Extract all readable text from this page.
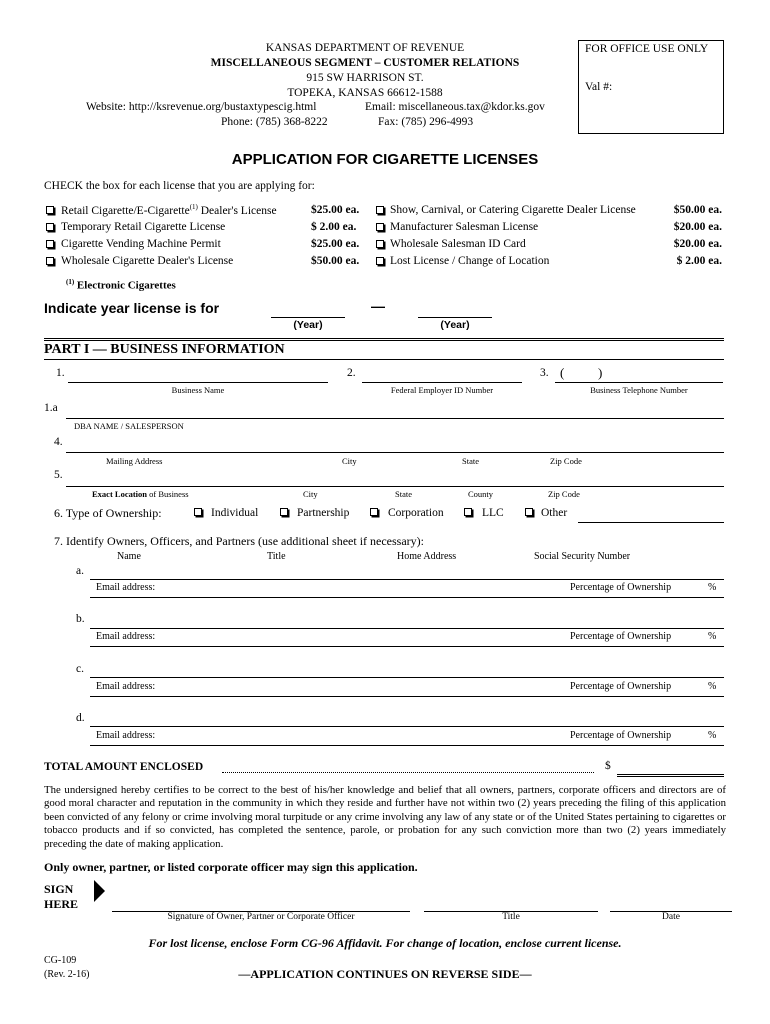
KANSAS DEPARTMENT OF REVENUE
MISCELLANEOUS SEGMENT – CUSTOMER RELATIONS
915 SW HARRISON ST.
TOPEKA, KANSAS 66612-1588
Website: http://ksrevenue.org/bustaxtypescig.html	Email: miscellaneous.tax@kdor.ks.gov
Phone: (785) 368-8222	Fax: (785) 296-4993
FOR OFFICE USE ONLY
Val #:
APPLICATION FOR CIGARETTE LICENSES
CHECK the box for each license that you are applying for:
Retail Cigarette/E-Cigarette$^{(1)}$ Dealer's License	$25.00 ea.
Temporary Retail Cigarette License	$ 2.00 ea.
Cigarette Vending Machine Permit	$25.00 ea.
Wholesale Cigarette Dealer's License	$50.00 ea.
Show, Carnival, or Catering Cigarette Dealer License	$50.00 ea.
Manufacturer Salesman License	$20.00 ea.
Wholesale Salesman ID Card	$20.00 ea.
Lost License / Change of Location	$ 2.00 ea.
$^{(1)}$ Electronic Cigarettes
Indicate year license is for	—
(Year)	(Year)
PART I — BUSINESS INFORMATION
1.
Business Name
2.
Federal Employer ID Number
3. (	)
Business Telephone Number
1.a
DBA NAME / SALESPERSON
4.
Mailing Address	City	State	Zip Code
5.
Exact Location of Business	City	State	County	Zip Code
6. Type of Ownership:	Individual	Partnership	Corporation	LLC	Other
7. Identify Owners, Officers, and Partners (use additional sheet if necessary):
Name	Title	Home Address	Social Security Number
a.
Email address:	Percentage of Ownership	%
b.
Email address:	Percentage of Ownership	%
c.
Email address:	Percentage of Ownership	%
d.
Email address:	Percentage of Ownership	%
TOTAL AMOUNT ENCLOSED	$
The undersigned hereby certifies to be correct to the best of his/her knowledge and belief that all owners, partners, corporate officers and directors are of good moral character and reputation in the community in which they reside and further have not within two (2) years preceding the filing of this application been convicted of any felony or crime involving moral turpitude or any crime involving any law of any state or of the United States pertaining to cigarettes or tobacco products and if so convicted, has completed the sentence, parole, or probation for any such conviction more than two (2) years immediately preceding the date of making application.
Only owner, partner, or listed corporate officer may sign this application.
SIGN
HERE
Signature of Owner, Partner or Corporate Officer	Title	Date
For lost license, enclose Form CG-96 Affidavit. For change of location, enclose current license.
CG-109
(Rev. 2-16)	—APPLICATION CONTINUES ON REVERSE SIDE—
